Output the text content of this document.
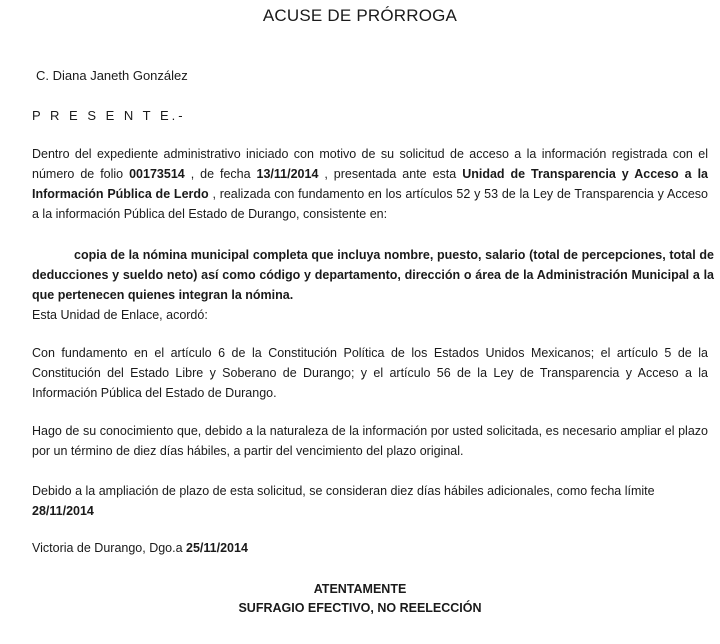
ACUSE DE PRÓRROGA
C. Diana Janeth González
P R E S E N T E.-
Dentro del expediente administrativo iniciado con motivo de su solicitud de acceso a la información registrada con el número de folio 00173514 , de fecha 13/11/2014 , presentada ante esta Unidad de Transparencia y Acceso a la Información Pública de Lerdo , realizada con fundamento en los artículos 52 y 53 de la Ley de Transparencia y Acceso a la información Pública del Estado de Durango, consistente en:
copia de la nómina municipal completa que incluya nombre, puesto, salario (total de percepciones, total de deducciones y sueldo neto) así como código y departamento, dirección o área de la Administración Municipal a la que pertenecen quienes integran la nómina.
Esta Unidad de Enlace, acordó:
Con fundamento en el artículo 6 de la Constitución Política de los Estados Unidos Mexicanos; el artículo 5 de la Constitución del Estado Libre y Soberano de Durango; y el artículo 56 de la Ley de Transparencia y Acceso a la Información Pública del Estado de Durango.
Hago de su conocimiento que, debido a la naturaleza de la información por usted solicitada, es necesario ampliar el plazo por un término de diez días hábiles, a partir del vencimiento del plazo original.
Debido a la ampliación de plazo de esta solicitud, se consideran diez días hábiles adicionales, como fecha límite
28/11/2014
Victoria de Durango, Dgo.a 25/11/2014
ATENTAMENTE
SUFRAGIO EFECTIVO, NO REELECCIÓN
